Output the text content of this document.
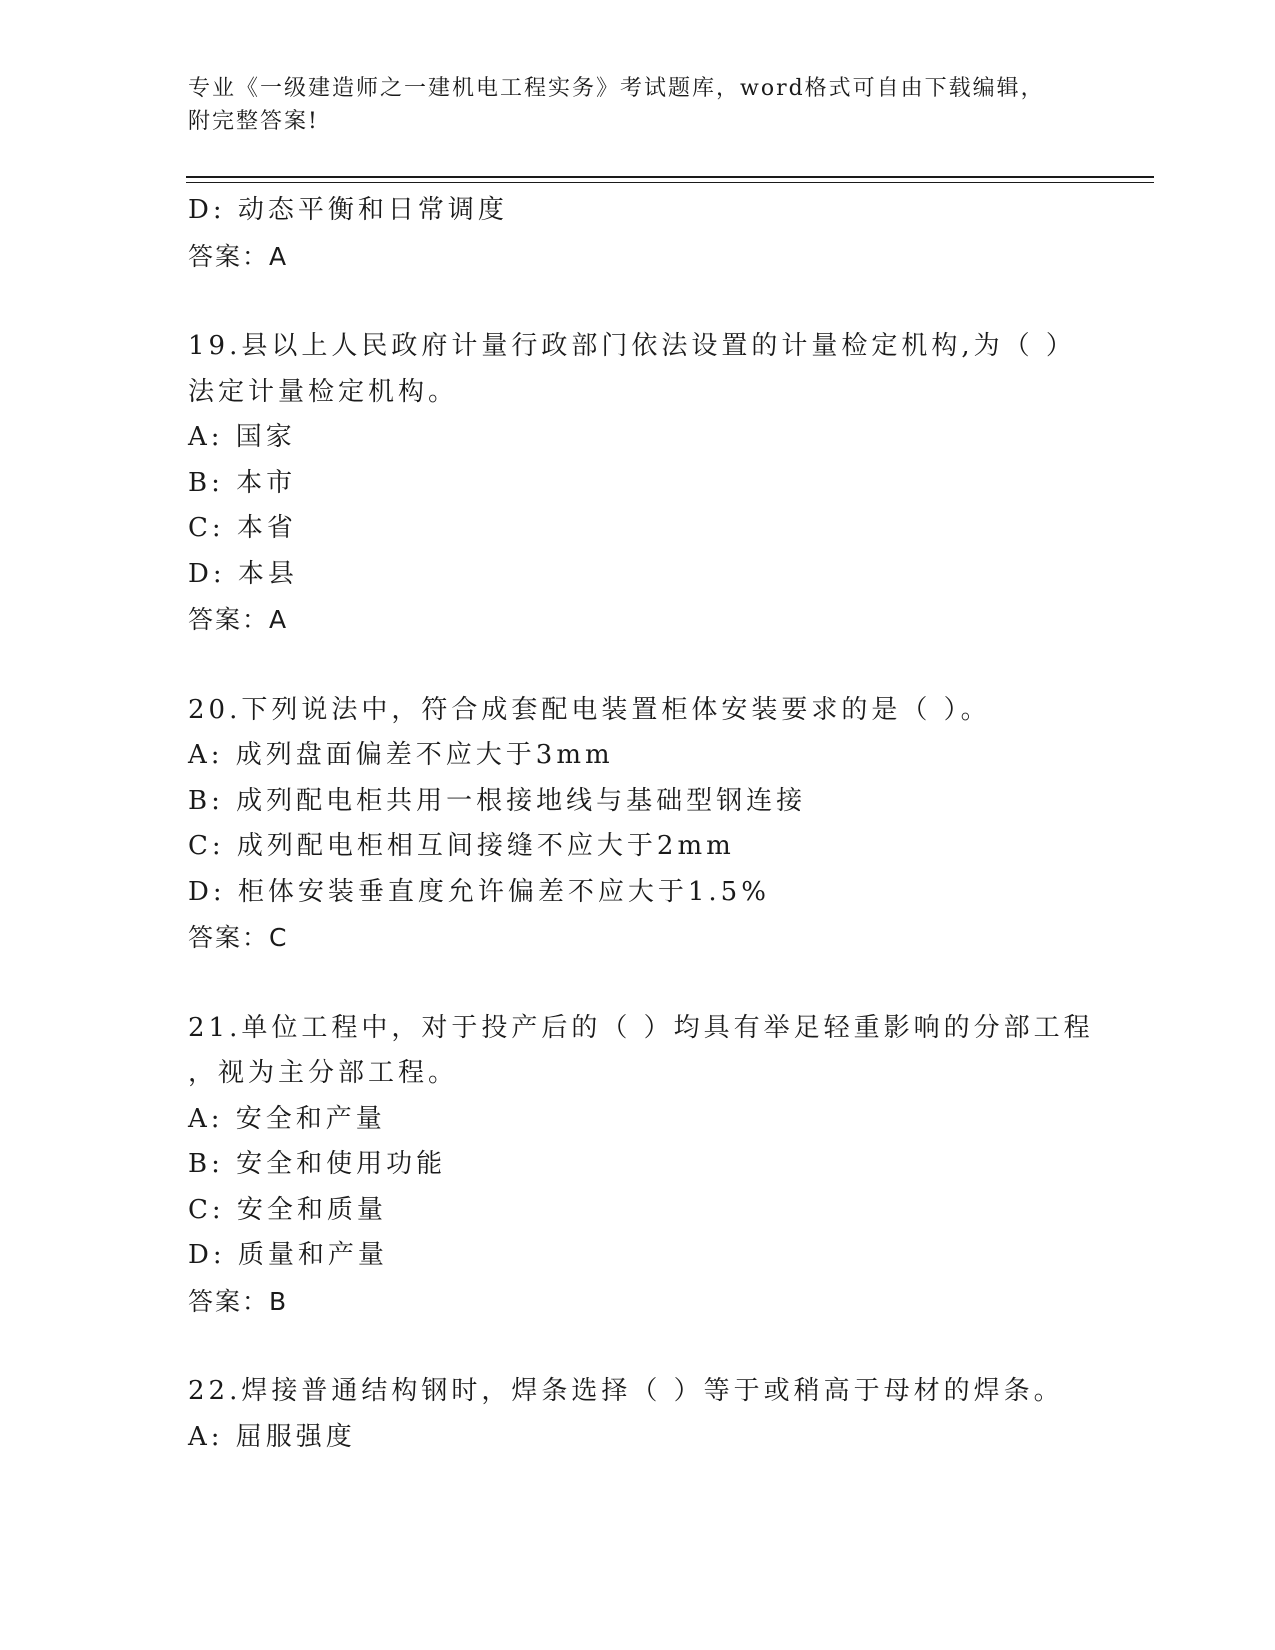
专业《一级建造师之一建机电工程实务》考试题库，word格式可自由下载编辑，
附完整答案!
D: 动态平衡和日常调度
答案：A
19.县以上人民政府计量行政部门依法设置的计量检定机构,为（ ）
法定计量检定机构。
A: 国家
B: 本市
C: 本省
D: 本县
答案：A
20.下列说法中，符合成套配电装置柜体安装要求的是（ ）。
A: 成列盘面偏差不应大于3mm
B: 成列配电柜共用一根接地线与基础型钢连接
C: 成列配电柜相互间接缝不应大于2mm
D: 柜体安装垂直度允许偏差不应大于1.5%
答案：C
21.单位工程中，对于投产后的（ ）均具有举足轻重影响的分部工程
，视为主分部工程。
A: 安全和产量
B: 安全和使用功能
C: 安全和质量
D: 质量和产量
答案：B
22.焊接普通结构钢时，焊条选择（ ）等于或稍高于母材的焊条。
A: 屈服强度
